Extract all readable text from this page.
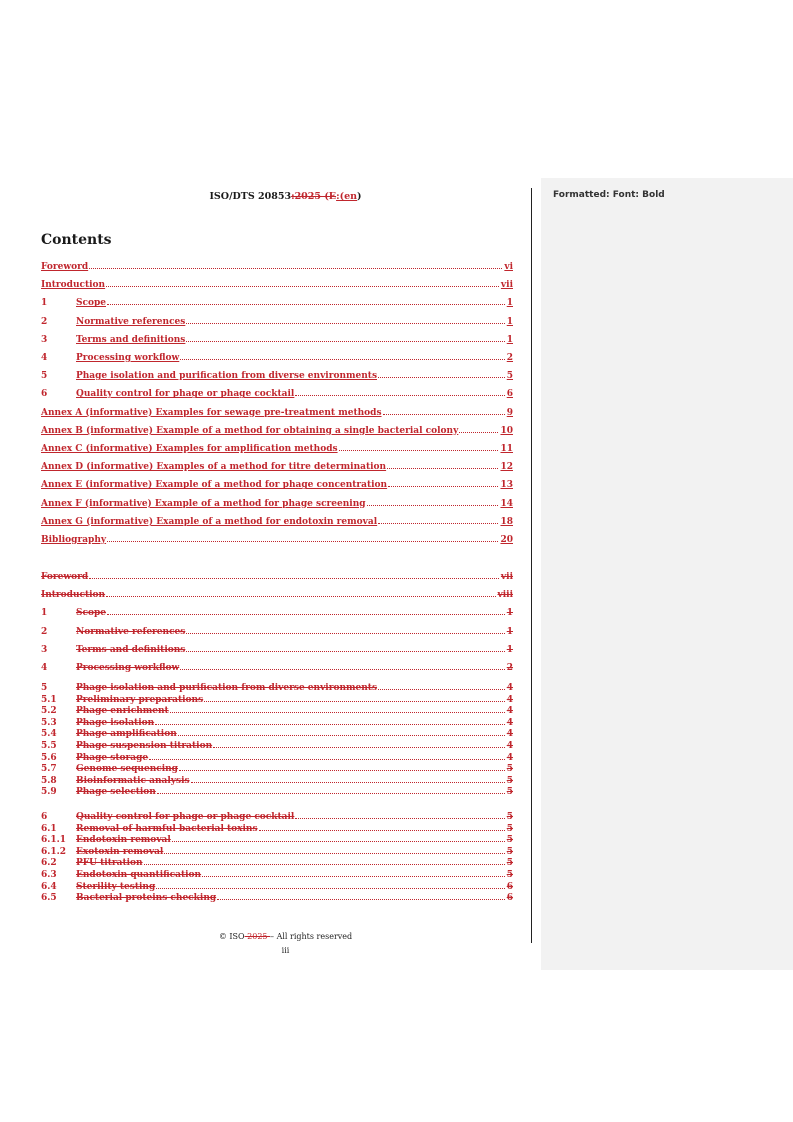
ISO/DTS 20853:2025 (E:(en)
Contents
Foreword	vi
Introduction	vii
1	Scope	1
2	Normative references	1
3	Terms and definitions	1
4	Processing workflow	2
5	Phage isolation and purification from diverse environments	5
6	Quality control for phage or phage cocktail	6
Annex A (informative) Examples for sewage pre-treatment methods	9
Annex B (informative) Example of a method for obtaining a single bacterial colony	10
Annex C (informative) Examples for amplification methods	11
Annex D (informative) Examples of a method for titre determination	12
Annex E (informative) Example of a method for phage concentration	13
Annex F (informative) Example of a method for phage screening	14
Annex G (informative) Example of a method for endotoxin removal	18
Bibliography	20
Foreword	vii
Introduction	viii
1	Scope	1
2	Normative references	1
3	Terms and definitions	1
4	Processing workflow	2
5	Phage isolation and purification from diverse environments	4
5.1 Preliminary preparations	4
5.2 Phage enrichment	4
5.3 Phage isolation	4
5.4 Phage amplification	4
5.5 Phage suspension titration	4
5.6 Phage storage	4
5.7 Genome sequencing	5
5.8 Bioinformatic analysis	5
5.9 Phage selection	5
6	Quality control for phage or phage cocktail	5
6.1 Removal of harmful bacterial toxins	5
6.1.1 Endotoxin removal	5
6.1.2 Exotoxin removal	5
6.2 PFU titration	5
6.3 Endotoxin quantification	5
6.4 Sterility testing	6
6.5 Bacterial proteins checking	6
© ISO 2025 – All rights reserved
iii
Formatted: Font: Bold
